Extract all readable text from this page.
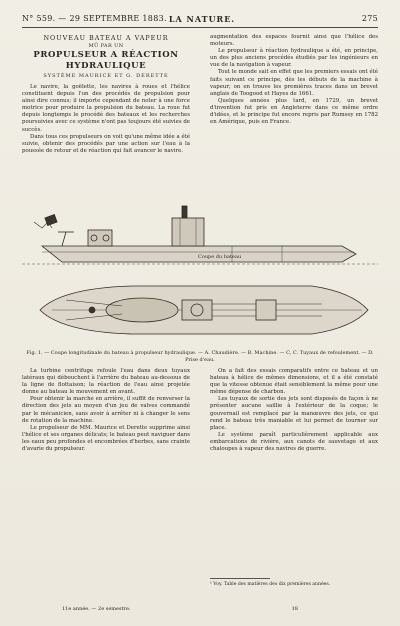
N° 559. — 29 SEPTEMBRE 1883. LA NATURE.	275
NOUVEAU BATEAU A VAPEUR
MÛ PAR UN
PROPULSEUR A RÉACTION HYDRAULIQUE
SYSTÈME MAURICE ET G. DERETTE

Le navire, la goëlette, les navires à roues et l'hélice constituent depuis l'un des procédés de propulsion pour ainsi dire connus; il importe cependant de noter à une force motrice pour produire la propulsion du bateau. La roue fut depuis longtemps le procédé des bateaux et les recherches poursuivies avec ce système n'ont pas toujours été suivies de succès.

Dans tous ces propulseurs on voit qu'une même idée a été suivie, obtenir des procédés par une action sur l'eau à la poussée de retour et de réaction qui fait avancer le navire.

augmentation des espaces fournit ainsi que l'hélice des moteurs.

Le propulseur à réaction hydraulique a été, en principe, un des plus anciens procédés étudiés par les ingénieurs en vue de la navigation à vapeur.

Tout le monde sait en effet que les premiers essais ont été faits suivant ce principe, dès les débuts de la machine à vapeur; on en trouve les premières traces dans un brevet anglais de Toogood et Hayes de 1661.

Quelques années plus tard, en 1729, un brevet d'invention fut pris en Angleterre dans ce même ordre d'idées, et le principe fut encore repris par Rumsey en 1782 en Amérique, puis en France.

Coupe du bateau
Fig. 1. — Coupe longitudinale du bateau à propulseur hydraulique. — A. Chaudière. — B. Machine. — C, C. Tuyaux de refoulement. — D. Prise d'eau.

La turbine centrifuge refoule l'eau dans deux tuyaux latéraux qui débouchent à l'arrière du bateau au-dessous de la ligne de flottaison; la réaction de l'eau ainsi projetée donne au bateau le mouvement en avant.

Pour obtenir la marche en arrière, il suffit de renverser la direction des jets au moyen d'un jeu de valves commandé par le mécanicien, sans avoir à arrêter ni à changer le sens de rotation de la machine.

Le propulseur de MM. Maurice et Derette supprime ainsi l'hélice et ses organes délicats; le bateau peut naviguer dans les eaux peu profondes et encombrées d'herbes, sans crainte d'avarie du propulseur.

On a fait des essais comparatifs entre ce bateau et un bateau à hélice de mêmes dimensions, et il a été constaté que la vitesse obtenue était sensiblement la même pour une même dépense de charbon.

Les tuyaux de sortie des jets sont disposés de façon à ne présenter aucune saillie à l'extérieur de la coque; le gouvernail est remplacé par la manœuvre des jets, ce qui rend le bateau très maniable et lui permet de tourner sur place.

Le système paraît particulièrement applicable aux embarcations de rivière, aux canots de sauvetage et aux chaloupes à vapeur des navires de guerre.

¹ Voy. Table des matières des dix premières années.
11e année. — 2e semestre.	18
